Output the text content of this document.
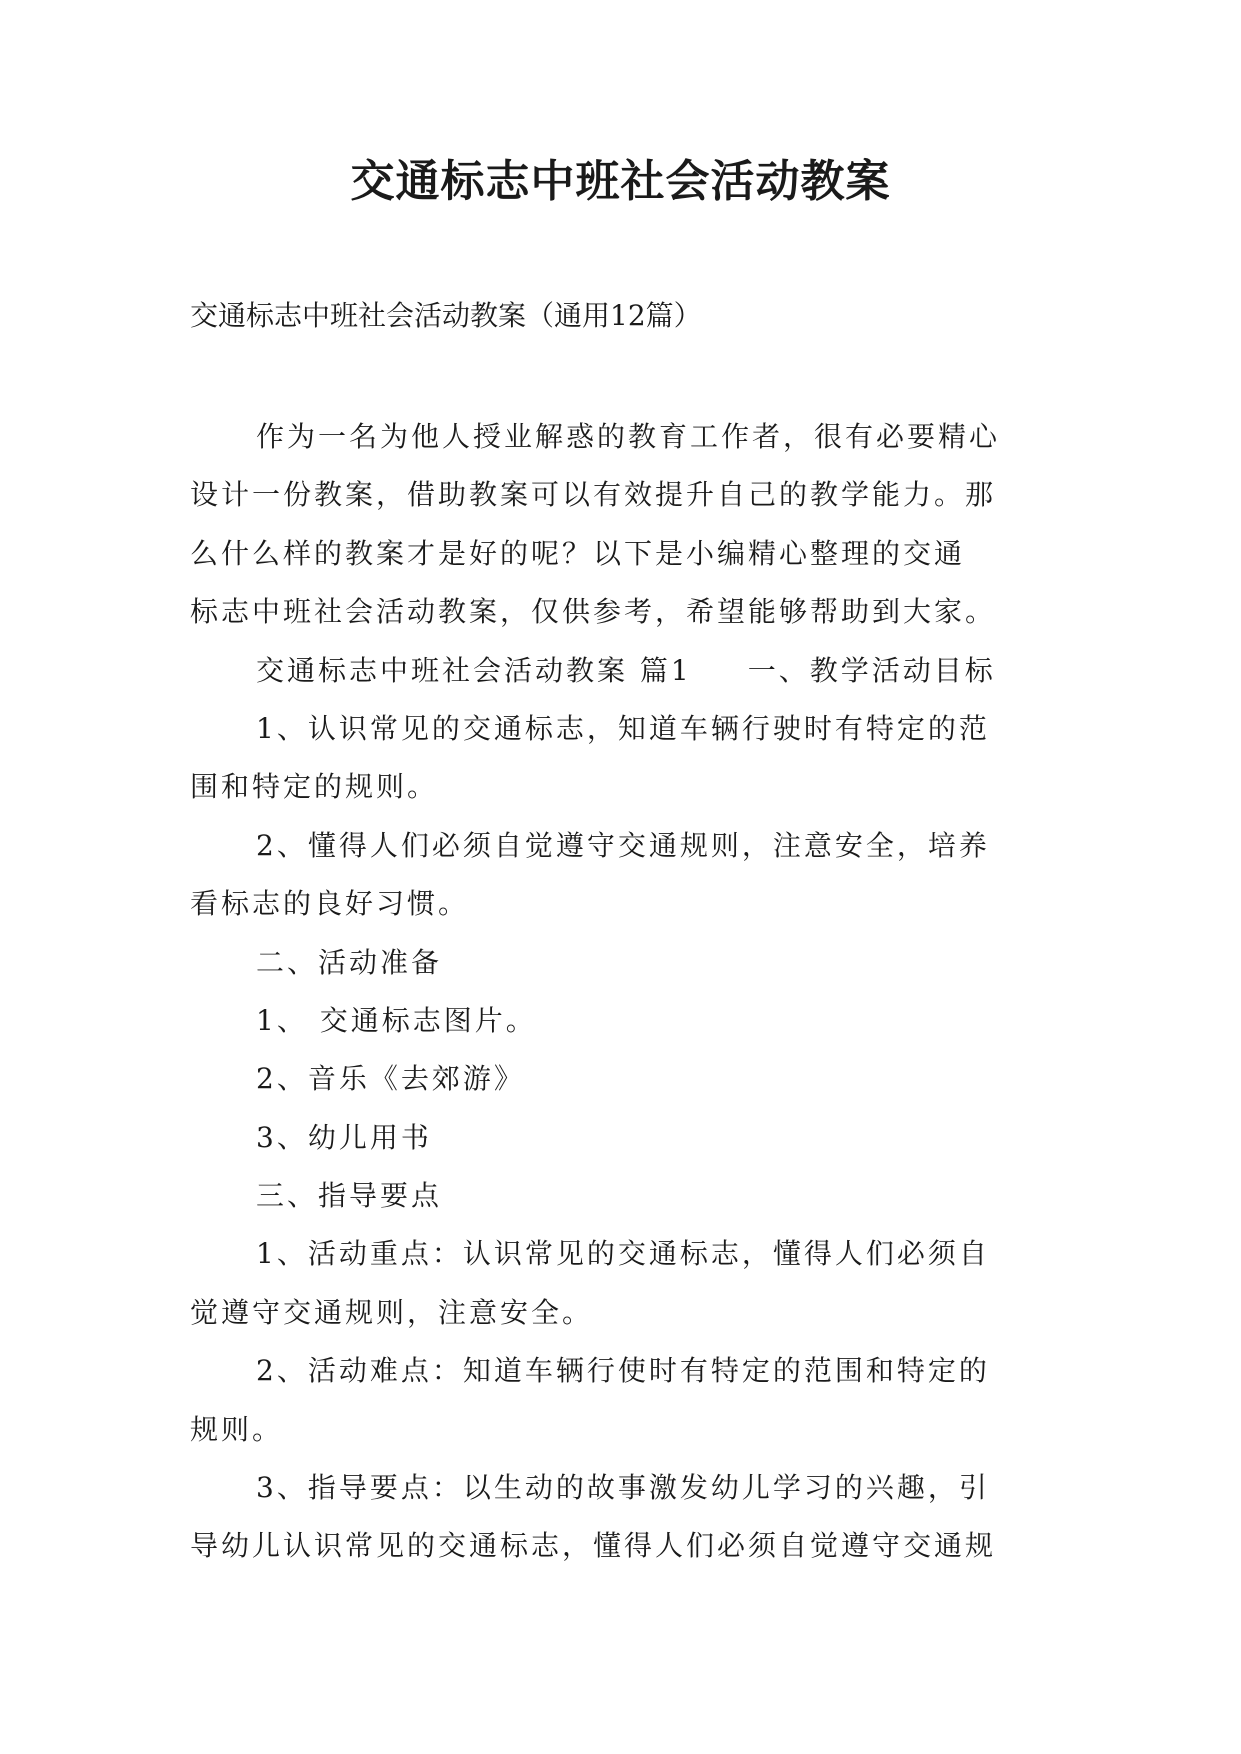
交通标志中班社会活动教案

交通标志中班社会活动教案（通用12篇）

作为一名为他人授业解惑的教育工作者，很有必要精心

设计一份教案，借助教案可以有效提升自己的教学能力。那

么什么样的教案才是好的呢？以下是小编精心整理的交通

标志中班社会活动教案，仅供参考，希望能够帮助到大家。

交通标志中班社会活动教案 篇1 一、教学活动目标

1、认识常见的交通标志，知道车辆行驶时有特定的范

围和特定的规则。

2、懂得人们必须自觉遵守交通规则，注意安全，培养

看标志的良好习惯。

二、活动准备

1、 交通标志图片。

2、音乐《去郊游》

3、幼儿用书

三、指导要点

1、活动重点：认识常见的交通标志，懂得人们必须自

觉遵守交通规则，注意安全。

2、活动难点：知道车辆行使时有特定的范围和特定的

规则。

3、指导要点：以生动的故事激发幼儿学习的兴趣，引

导幼儿认识常见的交通标志，懂得人们必须自觉遵守交通规
